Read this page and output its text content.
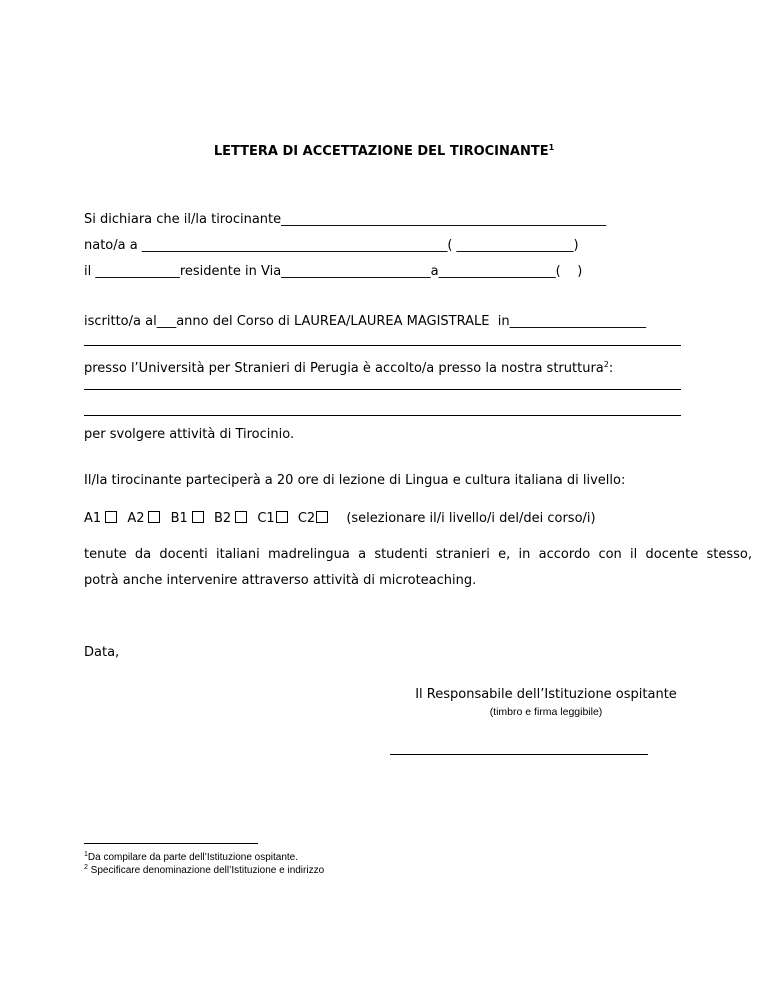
LETTERA DI ACCETTAZIONE DEL TIROCINANTE$^1$
Si dichiara che il/la tirocinante__________________________________________________
nato/a a _______________________________________________( __________________)
il _____________residente in Via_______________________a__________________(    )
iscritto/a al___anno del Corso di LAUREA/LAUREA MAGISTRALE  in_____________________
presso l’Università per Stranieri di Perugia è accolto/a presso la nostra struttura$^2$:
per svolgere attività di Tirocinio.
Il/la tirocinante parteciperà a 20 ore di lezione di Lingua e cultura italiana di livello:
A1 A2 B1 B2 C1 C2 (selezionare il/i livello/i del/dei corso/i)
tenute  da  docenti  italiani  madrelingua  a  studenti  stranieri  e,  in  accordo  con  il  docente  stesso,
potrà anche intervenire attraverso attività di microteaching.
Data,
Il Responsabile dell’Istituzione ospitante
(timbro e firma leggibile)
$^1$Da compilare da parte dell’Istituzione ospitante.
$^2$ Specificare denominazione dell’Istituzione e indirizzo
